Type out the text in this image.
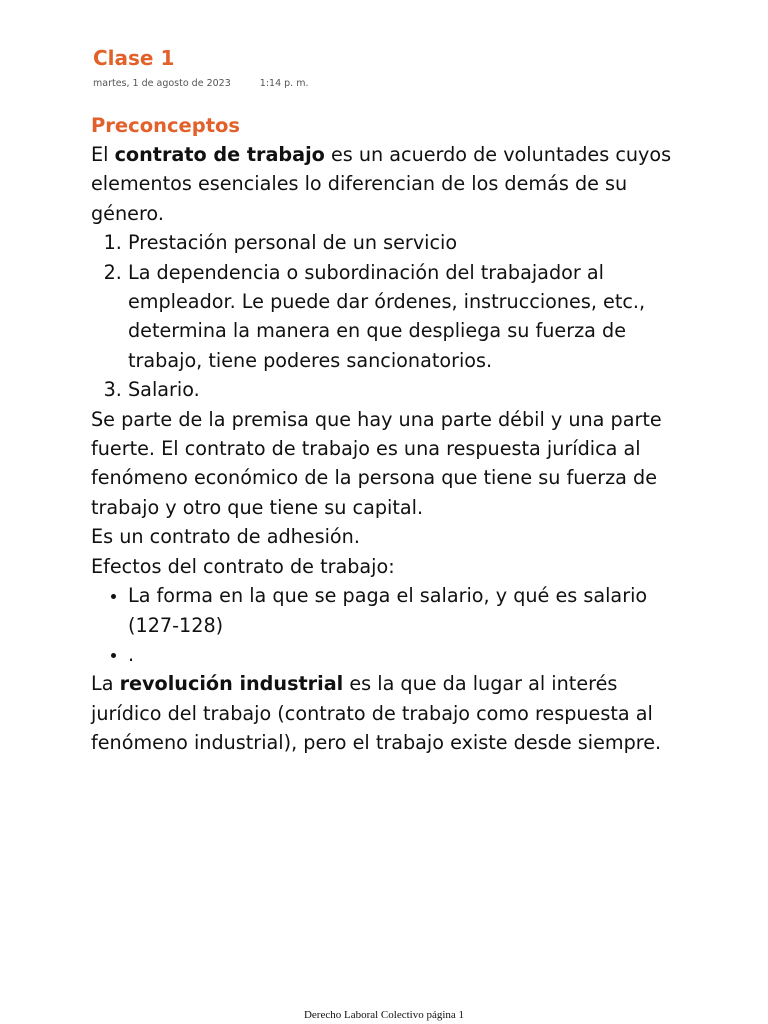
Clase 1
martes, 1 de agosto de 2023	1:14 p. m.
Preconceptos

El contrato de trabajo es un acuerdo de voluntades cuyos elementos esenciales lo diferencian de los demás de su género.

1. Prestación personal de un servicio
2. La dependencia o subordinación del trabajador al empleador. Le puede dar órdenes, instrucciones, etc., determina la manera en que despliega su fuerza de trabajo, tiene poderes sancionatorios.
3. Salario.

Se parte de la premisa que hay una parte débil y una parte fuerte. El contrato de trabajo es una respuesta jurídica al fenómeno económico de la persona que tiene su fuerza de trabajo y otro que tiene su capital.

Es un contrato de adhesión.

Efectos del contrato de trabajo:

• La forma en la que se paga el salario, y qué es salario (127-128)
• .

La revolución industrial es la que da lugar al interés jurídico del trabajo (contrato de trabajo como respuesta al fenómeno industrial), pero el trabajo existe desde siempre.

Derecho Laboral Colectivo página 1
